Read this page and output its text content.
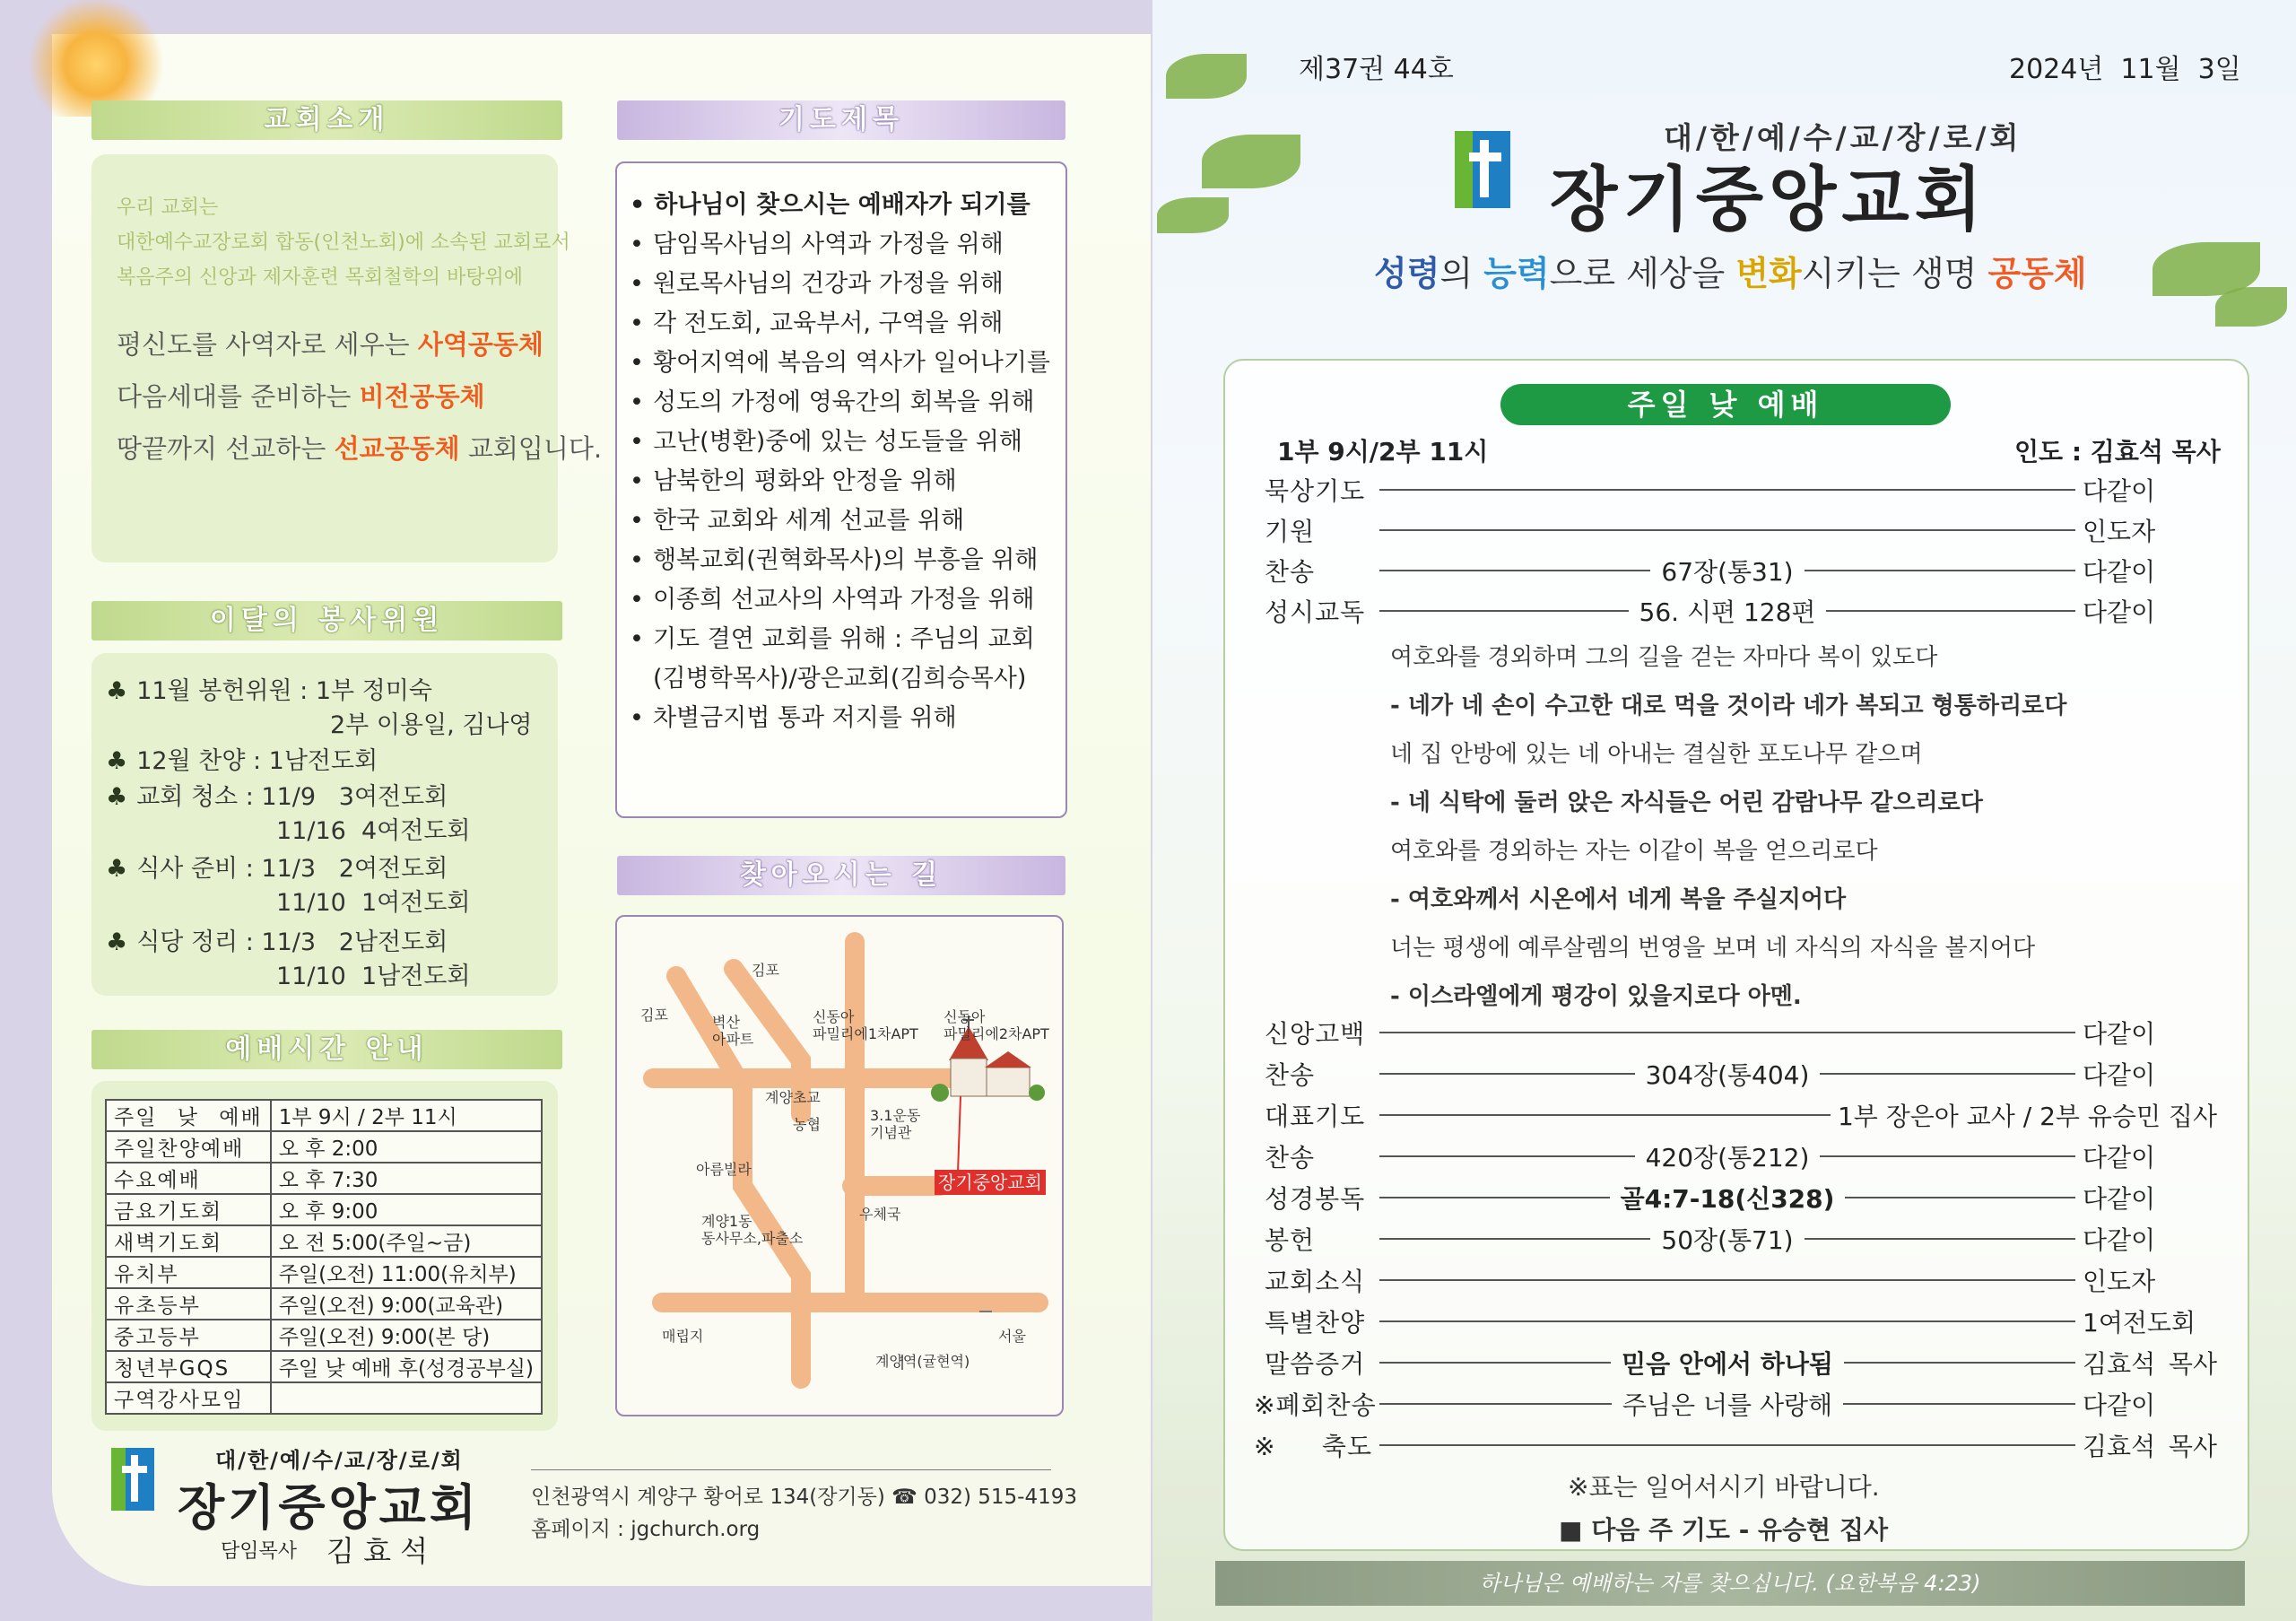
교회소개
우리 교회는
대한예수교장로회 합동(인천노회)에 소속된 교회로서
복음주의 신앙과 제자훈련 목회철학의 바탕위에
평신도를 사역자로 세우는 사역공동체
다음세대를 준비하는 비전공동체
땅끝까지 선교하는 선교공동체 교회입니다.
이달의 봉사위원
♣ 11월 봉헌위원 : 1부 정미숙
2부 이용일, 김나영
♣ 12월 찬양 : 1남전도회
♣ 교회 청소 : 11/9   3여전도회
11/16  4여전도회
♣ 식사 준비 : 11/3   2여전도회
11/10  1여전도회
♣ 식당 정리 : 11/3   2남전도회
11/10  1남전도회
예배시간 안내
주일 낮 예배	1부 9시 / 2부 11시
주일찬양예배	오 후 2:00
수요예배	오 후 7:30
금요기도회	오 후 9:00
새벽기도회	오 전 5:00(주일~금)
유치부	주일(오전) 11:00(유치부)
유초등부	주일(오전) 9:00(교육관)
중고등부	주일(오전) 9:00(본 당)
청년부GQS	주일 낮 예배 후(성경공부실)
구역강사모임	
기도제목
• 하나님이 찾으시는 예배자가 되기를
• 담임목사님의 사역과 가정을 위해
• 원로목사님의 건강과 가정을 위해
• 각 전도회, 교육부서, 구역을 위해
• 황어지역에 복음의 역사가 일어나기를
• 성도의 가정에 영육간의 회복을 위해
• 고난(병환)중에 있는 성도들을 위해
• 남북한의 평화와 안정을 위해
• 한국 교회와 세계 선교를 위해
• 행복교회(권혁화목사)의 부흥을 위해
• 이종희 선교사의 사역과 가정을 위해
• 기도 결연 교회를 위해 : 주님의 교회
(김병학목사)/광은교회(김희승목사)
• 차별금지법 통과 저지를 위해
찾아오시는 길
김포
김포	벽산
아파트
신동아
파밀리에1차APT
신동아
파밀리에2차APT
계양초교
농협
3.1운동
기념관
아름빌라
장기중앙교회
우체국
계양1동
동사무소,파출소
매립지	서울
계양역(귤현역)
대/한/예/수/교/장/로/회
장기중앙교회
담임목사 김 효 석
인천광역시 계양구 황어로 134(장기동) ☎ 032) 515-4193
홈페이지 : jgchurch.org
제37권 44호	2024년  11월  3일
대/한/예/수/교/장/로/회
장기중앙교회
성령의 능력으로 세상을 변화시키는 생명 공동체
주일 낮 예배
1부 9시/2부 11시	인도 : 김효석 목사
묵상기도	다같이
기원	인도자
찬송	67장(통31)	다같이
성시교독	56. 시편 128편	다같이
여호와를 경외하며 그의 길을 걷는 자마다 복이 있도다
- 네가 네 손이 수고한 대로 먹을 것이라 네가 복되고 형통하리로다
네 집 안방에 있는 네 아내는 결실한 포도나무 같으며
- 네 식탁에 둘러 앉은 자식들은 어린 감람나무 같으리로다
여호와를 경외하는 자는 이같이 복을 얻으리로다
- 여호와께서 시온에서 네게 복을 주실지어다
너는 평생에 예루살렘의 번영을 보며 네 자식의 자식을 볼지어다
- 이스라엘에게 평강이 있을지로다 아멘.
신앙고백	다같이
찬송	304장(통404)	다같이
대표기도	1부 장은아 교사 / 2부 유승민 집사
찬송	420장(통212)	다같이
성경봉독	골4:7-18(신328)	다같이
봉헌	50장(통71)	다같이
교회소식	인도자
특별찬양	1여전도회
말씀증거	믿음 안에서 하나됨	김효석 목사
※폐회찬송	주님은 너를 사랑해	다같이
※축도	김효석 목사
※표는 일어서시기 바랍니다.
■ 다음 주 기도 - 유승현 집사
하나님은 예배하는 자를 찾으십니다. (요한복음 4:23)
